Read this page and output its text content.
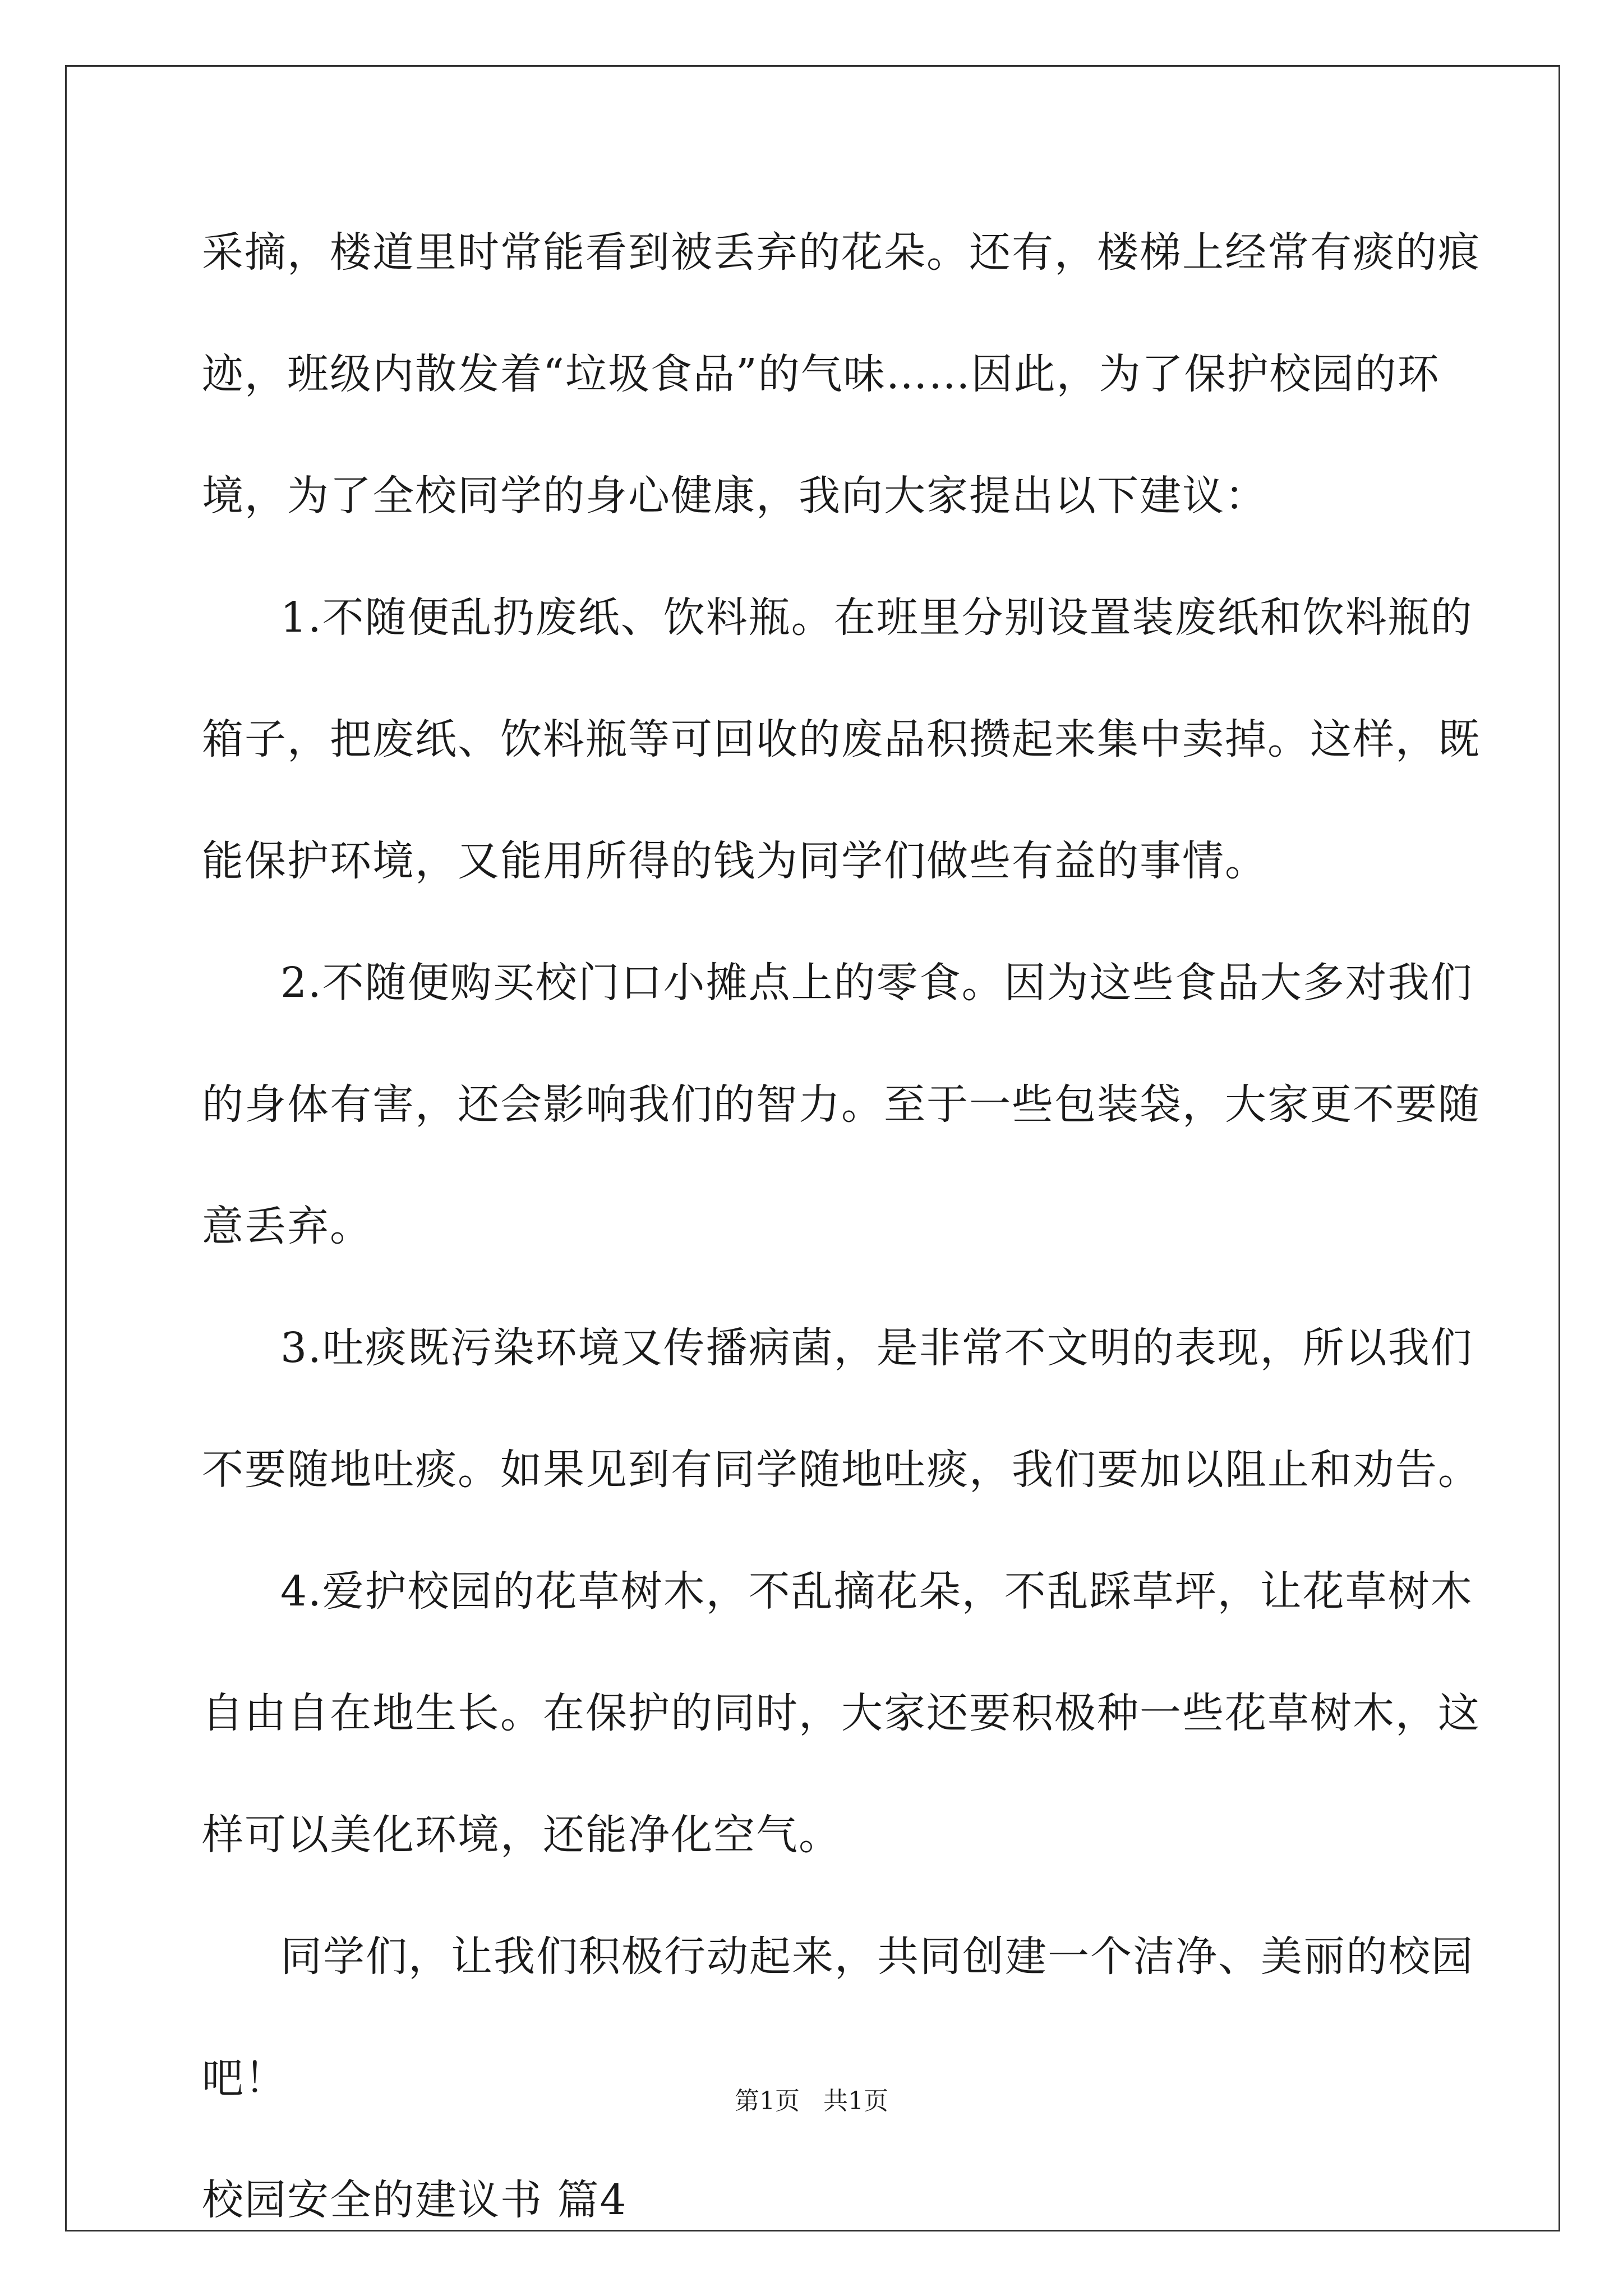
采摘，楼道里时常能看到被丢弃的花朵。还有，楼梯上经常有痰的痕
迹，班级内散发着“垃圾食品”的气味……因此，为了保护校园的环
境，为了全校同学的身心健康，我向大家提出以下建议：
1.不随便乱扔废纸、饮料瓶。在班里分别设置装废纸和饮料瓶的
箱子，把废纸、饮料瓶等可回收的废品积攒起来集中卖掉。这样，既
能保护环境，又能用所得的钱为同学们做些有益的事情。
2.不随便购买校门口小摊点上的零食。因为这些食品大多对我们
的身体有害，还会影响我们的智力。至于一些包装袋，大家更不要随
意丢弃。
3.吐痰既污染环境又传播病菌，是非常不文明的表现，所以我们
不要随地吐痰。如果见到有同学随地吐痰，我们要加以阻止和劝告。
4.爱护校园的花草树木，不乱摘花朵，不乱踩草坪，让花草树木
自由自在地生长。在保护的同时，大家还要积极种一些花草树木，这
样可以美化环境，还能净化空气。
同学们，让我们积极行动起来，共同创建一个洁净、美丽的校园
吧！
校园安全的建议书 篇4
第1页   共1页
